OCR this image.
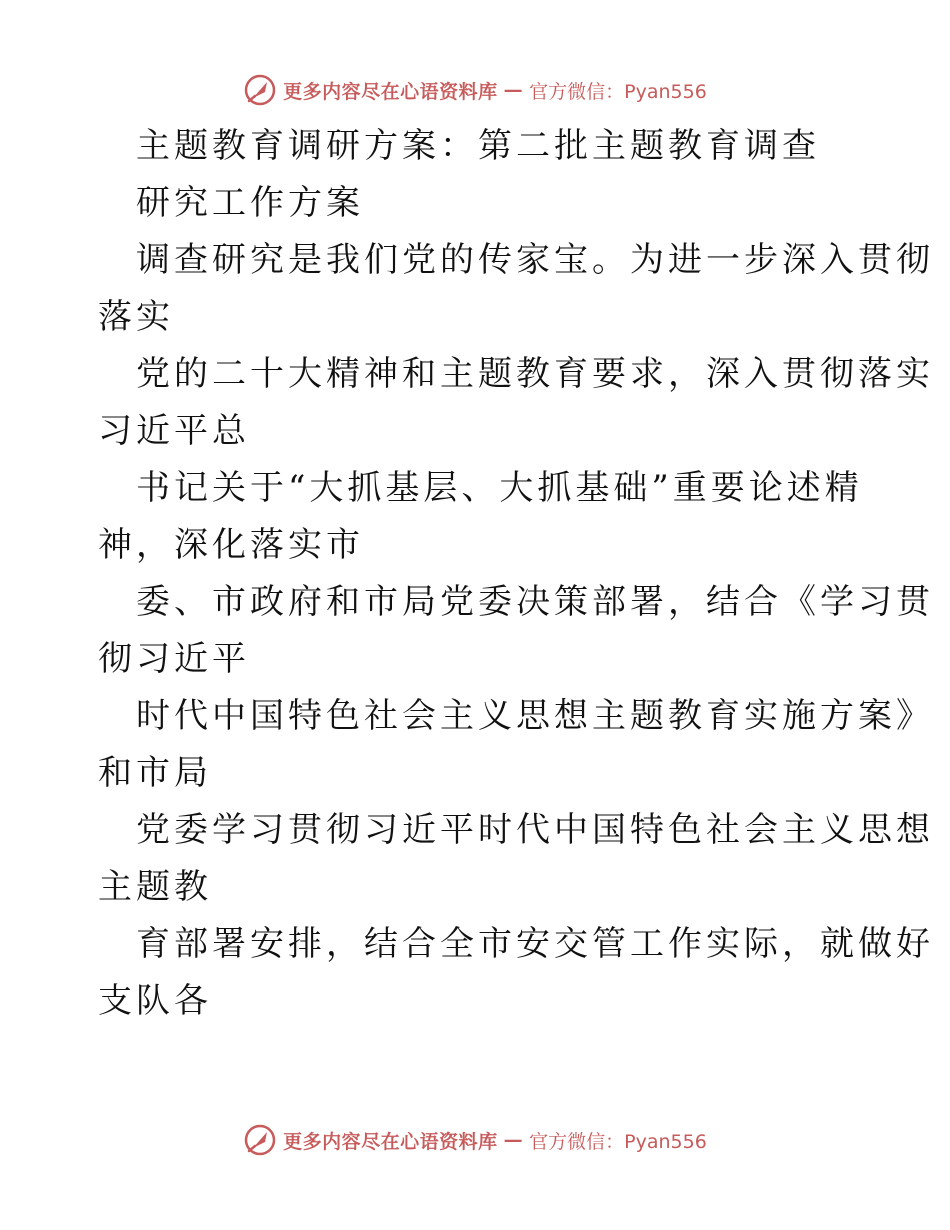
更多内容尽在心语资料库 — 官方微信：Pyan556
主题教育调研方案：第二批主题教育调查
研究工作方案
调查研究是我们党的传家宝。为进一步深入贯彻
落实
党的二十大精神和主题教育要求，深入贯彻落实
习近平总
书记关于“大抓基层、大抓基础”重要论述精
神，深化落实市
委、市政府和市局党委决策部署，结合《学习贯
彻习近平
时代中国特色社会主义思想主题教育实施方案》
和市局
党委学习贯彻习近平时代中国特色社会主义思想
主题教
育部署安排，结合全市安交管工作实际，就做好
支队各
更多内容尽在心语资料库 — 官方微信：Pyan556
